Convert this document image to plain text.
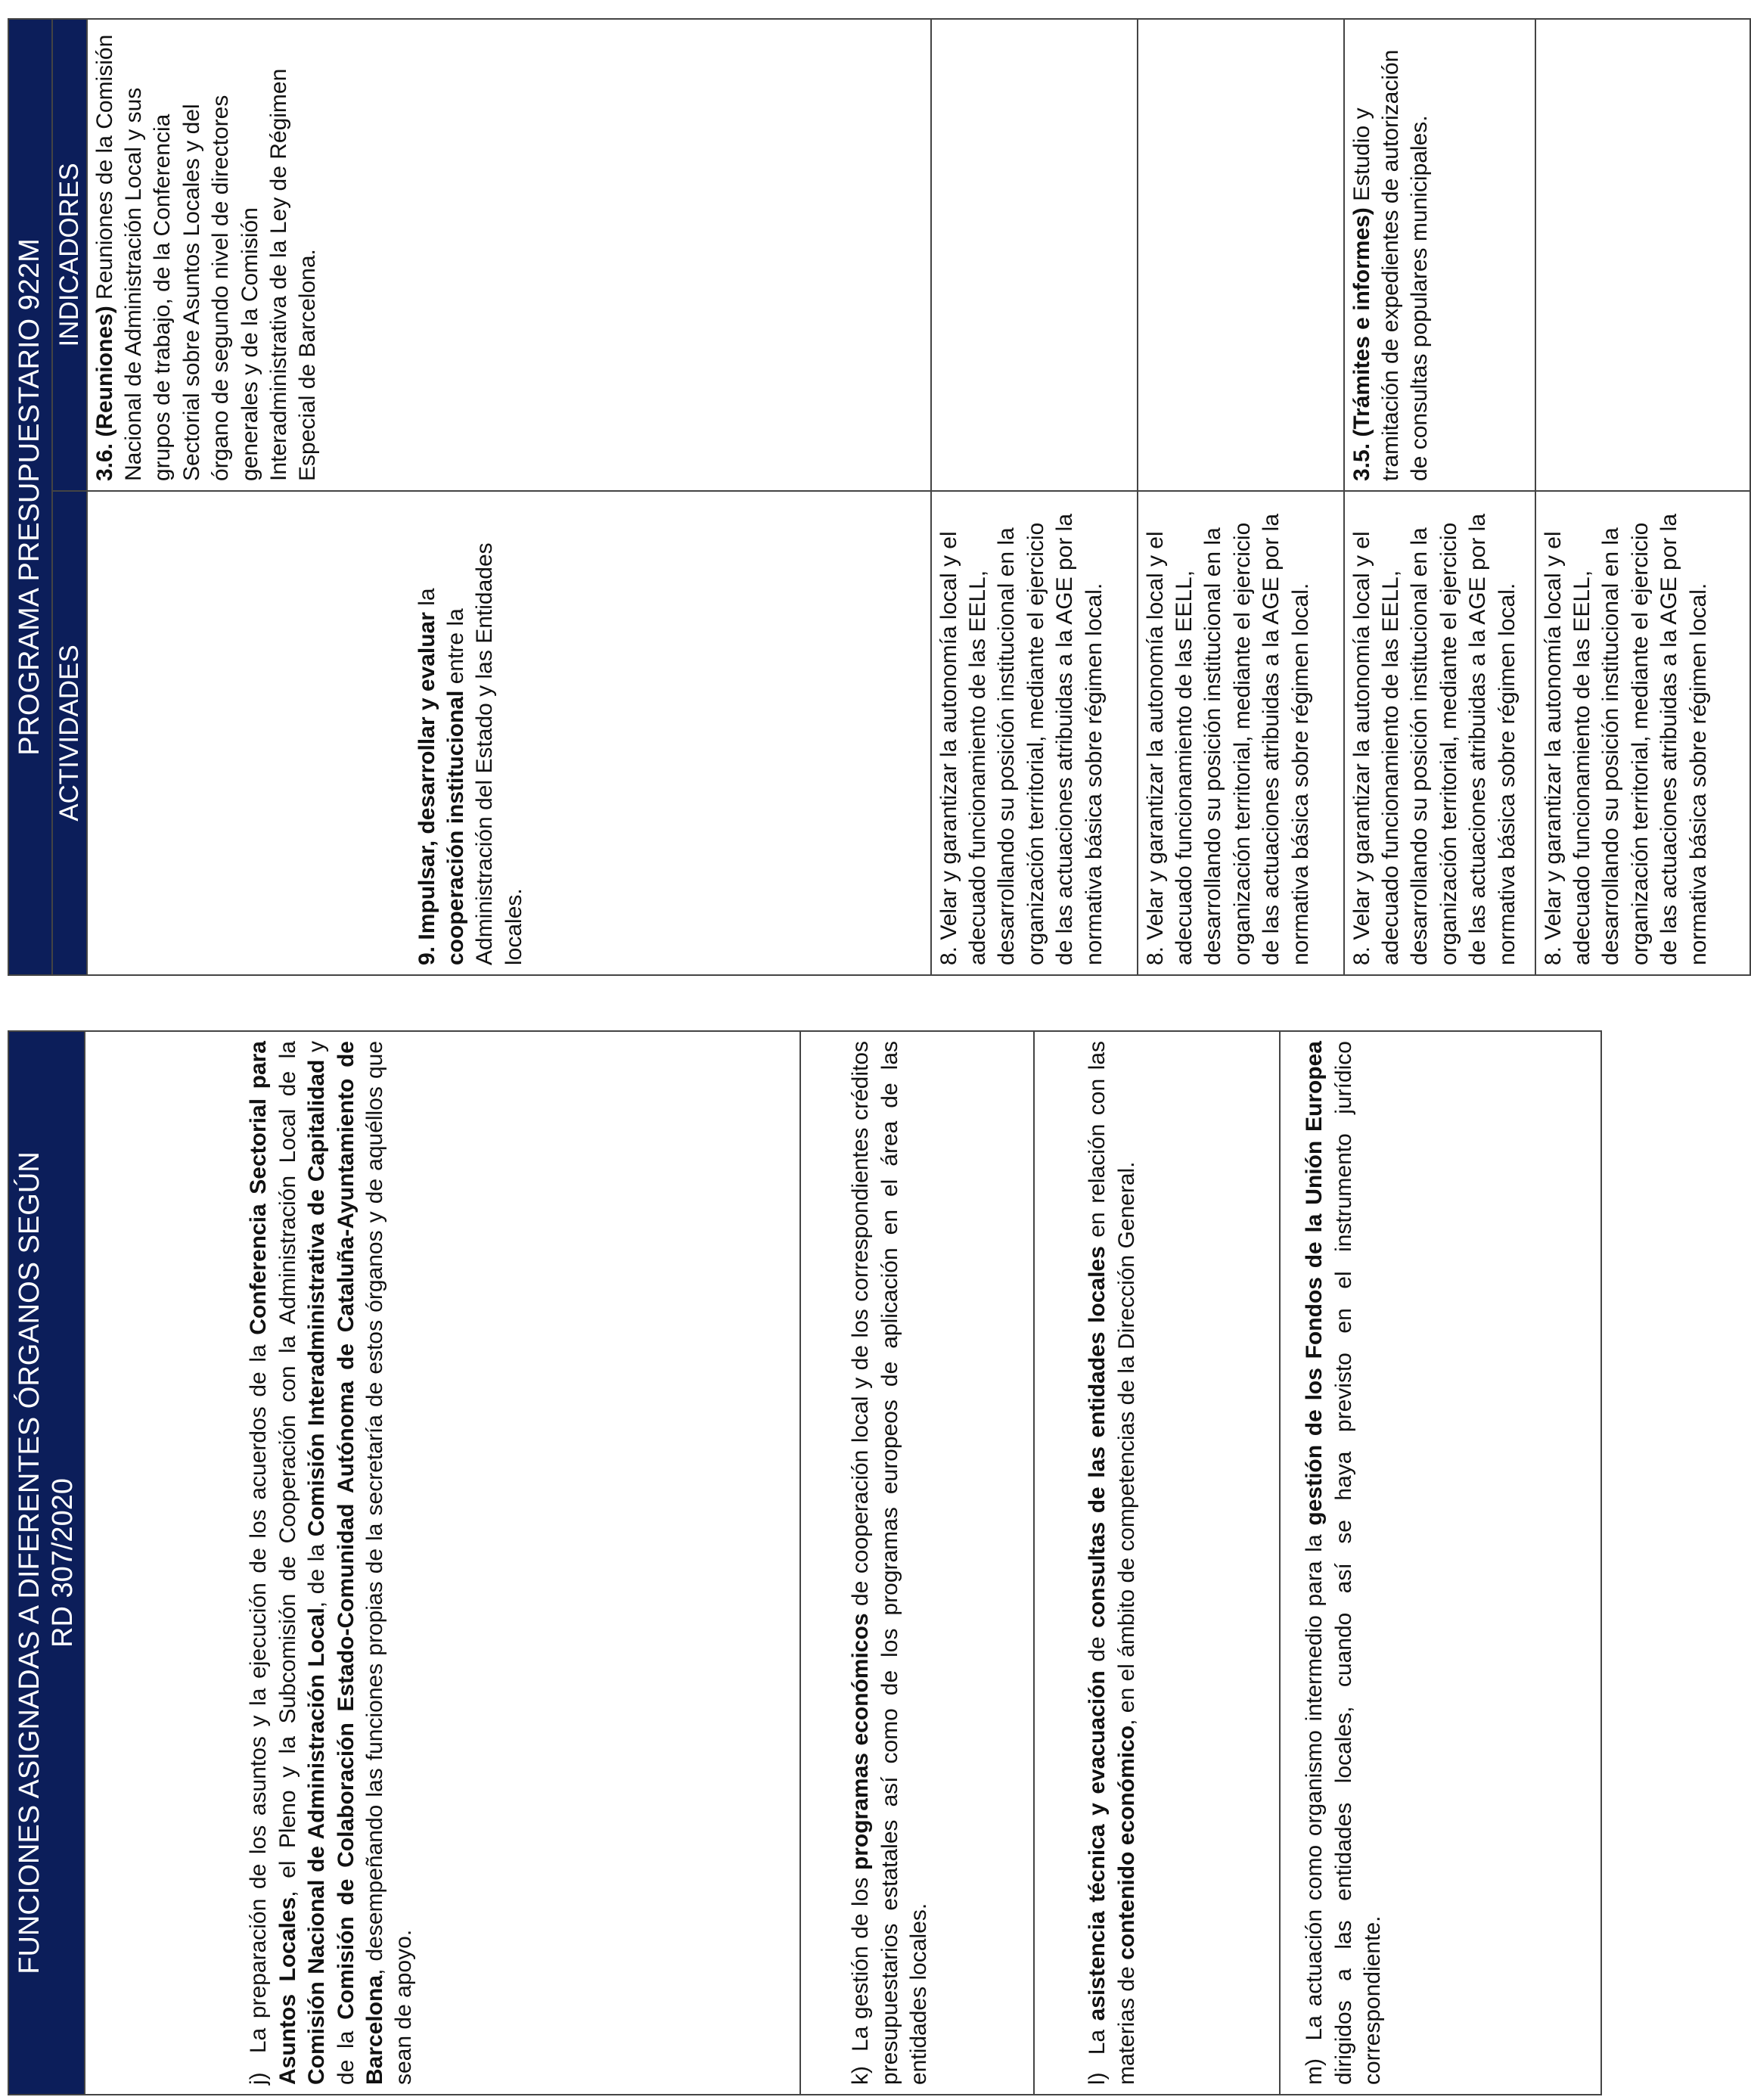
FUNCIONES ASIGNADAS A DIFERENTES ÓRGANOS SEGÚN RD 307/2020

j)  La preparación de los asuntos y la ejecución de los acuerdos de la Conferencia Sectorial para Asuntos Locales, el Pleno y la Subcomisión de Cooperación con la Administración Local de la Comisión Nacional de Administración Local, de la Comisión Interadministrativa de Capitalidad y de la Comisión de Colaboración Estado-Comunidad Autónoma de Cataluña-Ayuntamiento de Barcelona, desempeñando las funciones propias de la secretaría de estos órganos y de aquéllos que sean de apoyo.
k)  La gestión de los programas económicos de cooperación local y de los correspondientes créditos presupuestarios estatales así como de los programas europeos de aplicación en el área de las entidades locales.
l)  La asistencia técnica y evacuación de consultas de las entidades locales en relación con las materias de contenido económico, en el ámbito de competencias de la Dirección General.
m)  La actuación como organismo intermedio para la gestión de los Fondos de la Unión Europea dirigidos a las entidades locales, cuando así se haya previsto en el instrumento jurídico correspondiente.
PROGRAMA PRESUPUESTARIO 922M	
ACTIVIDADES	INDICADORES
9. Impulsar, desarrollar y evaluar la cooperación institucional entre la Administración del Estado y las Entidades locales.	3.6. (Reuniones) Reuniones de la Comisión Nacional de Administración Local y sus grupos de trabajo, de la Conferencia Sectorial sobre Asuntos Locales y del órgano de segundo nivel de directores generales y de la Comisión Interadministrativa de la Ley de Régimen Especial de Barcelona.
8. Velar y garantizar la autonomía local y el adecuado funcionamiento de las EELL, desarrollando su posición institucional en la organización territorial, mediante el ejercicio de las actuaciones atribuidas a la AGE por la normativa básica sobre régimen local.	
8. Velar y garantizar la autonomía local y el adecuado funcionamiento de las EELL, desarrollando su posición institucional en la organización territorial, mediante el ejercicio de las actuaciones atribuidas a la AGE por la normativa básica sobre régimen local.	
8. Velar y garantizar la autonomía local y el adecuado funcionamiento de las EELL, desarrollando su posición institucional en la organización territorial, mediante el ejercicio de las actuaciones atribuidas a la AGE por la normativa básica sobre régimen local.	3.5. (Trámites e informes) Estudio y tramitación de expedientes de autorización de consultas populares municipales.
8. Velar y garantizar la autonomía local y el adecuado funcionamiento de las EELL, desarrollando su posición institucional en la organización territorial, mediante el ejercicio de las actuaciones atribuidas a la AGE por la normativa básica sobre régimen local.	
